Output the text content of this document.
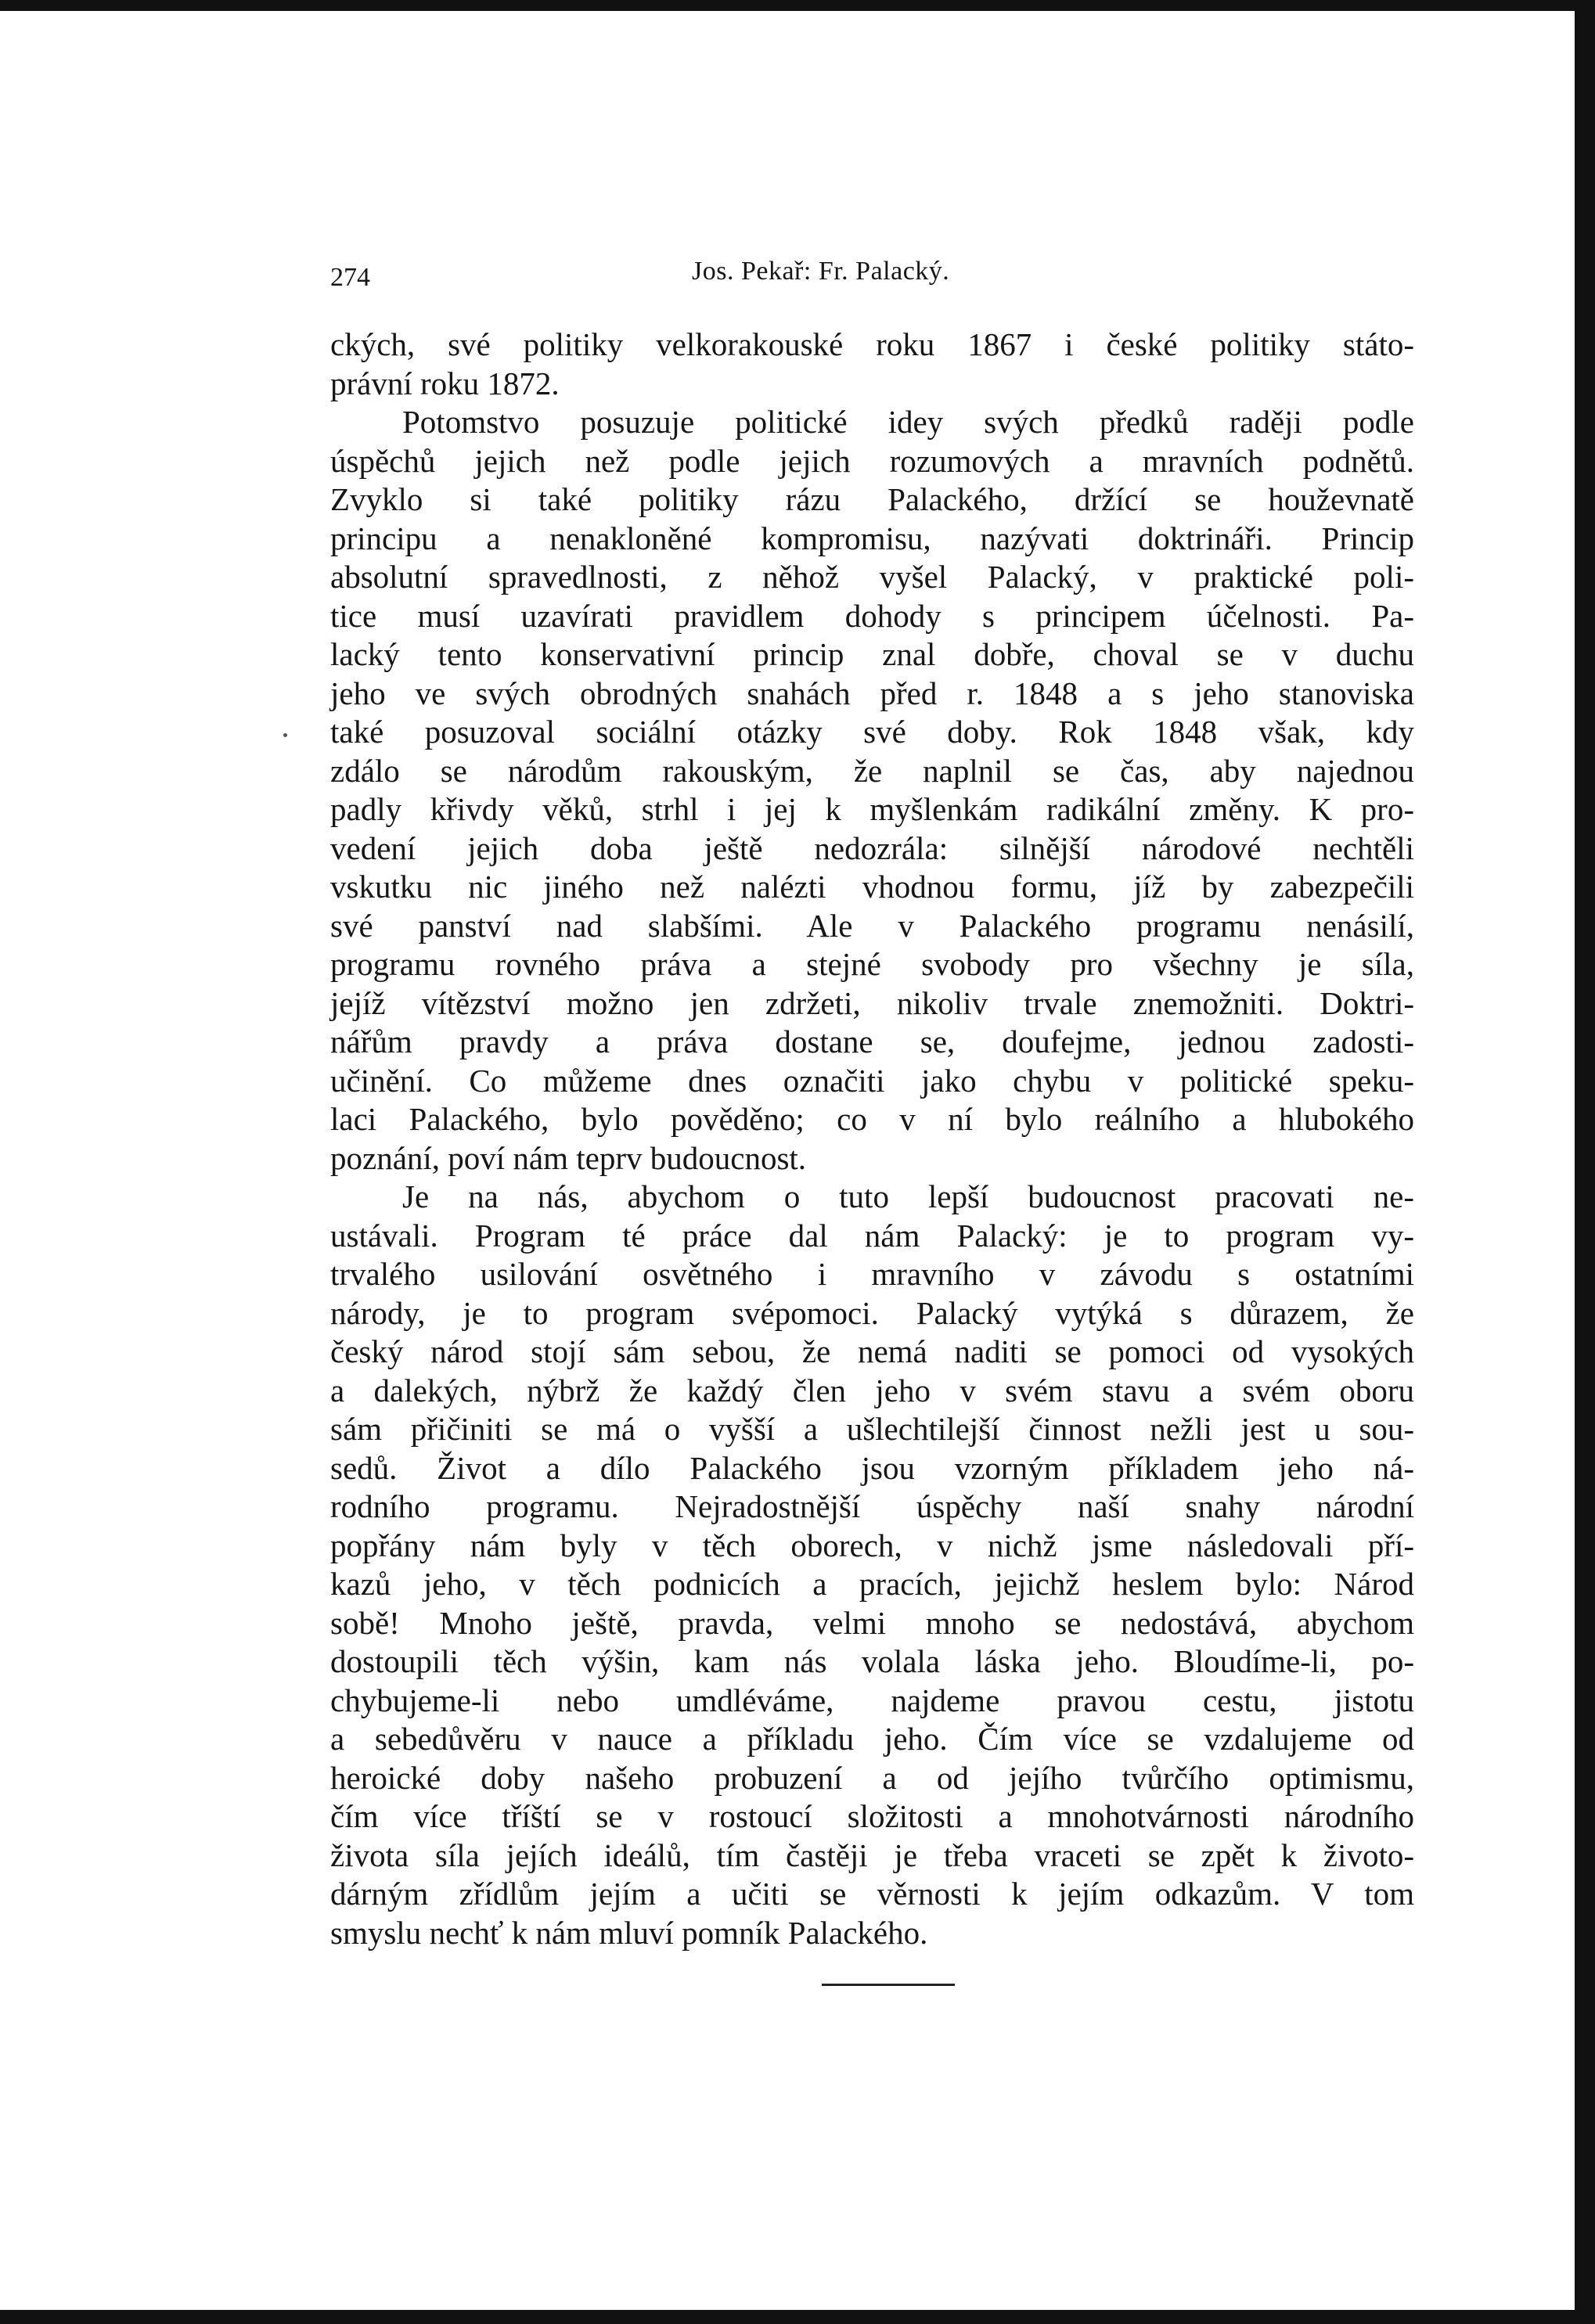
274	Jos. Pekař: Fr. Palacký.
ckých, své politiky velkorakouské roku 1867 i české politiky státo-
právní roku 1872.
Potomstvo posuzuje politické idey svých předků raději podle
úspěchů jejich než podle jejich rozumových a mravních podnětů.
Zvyklo si také politiky rázu Palackého, držící se houževnatě
principu a nenakloněné kompromisu, nazývati doktrináři. Princip
absolutní spravedlnosti, z něhož vyšel Palacký, v praktické poli-
tice musí uzavírati pravidlem dohody s principem účelnosti. Pa-
lacký tento konservativní princip znal dobře, choval se v duchu
jeho ve svých obrodných snahách před r. 1848 a s jeho stanoviska
také posuzoval sociální otázky své doby. Rok 1848 však, kdy
zdálo se národům rakouským, že naplnil se čas, aby najednou
padly křivdy věků, strhl i jej k myšlenkám radikální změny. K pro-
vedení jejich doba ještě nedozrála: silnější národové nechtěli
vskutku nic jiného než nalézti vhodnou formu, jíž by zabezpečili
své panství nad slabšími. Ale v Palackého programu nenásilí,
programu rovného práva a stejné svobody pro všechny je síla,
jejíž vítězství možno jen zdržeti, nikoliv trvale znemožniti. Doktri-
nářům pravdy a práva dostane se, doufejme, jednou zadosti-
učinění. Co můžeme dnes označiti jako chybu v politické speku-
laci Palackého, bylo pověděno; co v ní bylo reálního a hlubokého
poznání, poví nám teprv budoucnost.
Je na nás, abychom o tuto lepší budoucnost pracovati ne-
ustávali. Program té práce dal nám Palacký: je to program vy-
trvalého usilování osvětného i mravního v závodu s ostatními
národy, je to program svépomoci. Palacký vytýká s důrazem, že
český národ stojí sám sebou, že nemá naditi se pomoci od vysokých
a dalekých, nýbrž že každý člen jeho v svém stavu a svém oboru
sám přičiniti se má o vyšší a ušlechtilejší činnost nežli jest u sou-
sedů. Život a dílo Palackého jsou vzorným příkladem jeho ná-
rodního programu. Nejradostnější úspěchy naší snahy národní
popřány nám byly v těch oborech, v nichž jsme následovali pří-
kazů jeho, v těch podnicích a pracích, jejichž heslem bylo: Národ
sobě! Mnoho ještě, pravda, velmi mnoho se nedostává, abychom
dostoupili těch výšin, kam nás volala láska jeho. Bloudíme-li, po-
chybujeme-li nebo umdléváme, najdeme pravou cestu, jistotu
a sebedůvěru v nauce a příkladu jeho. Čím více se vzdalujeme od
heroické doby našeho probuzení a od jejího tvůrčího optimismu,
čím více tříští se v rostoucí složitosti a mnohotvárnosti národního
života síla jejích ideálů, tím častěji je třeba vraceti se zpět k životo-
dárným zřídlům jejím a učiti se věrnosti k jejím odkazům. V tom
smyslu nechť k nám mluví pomník Palackého.
